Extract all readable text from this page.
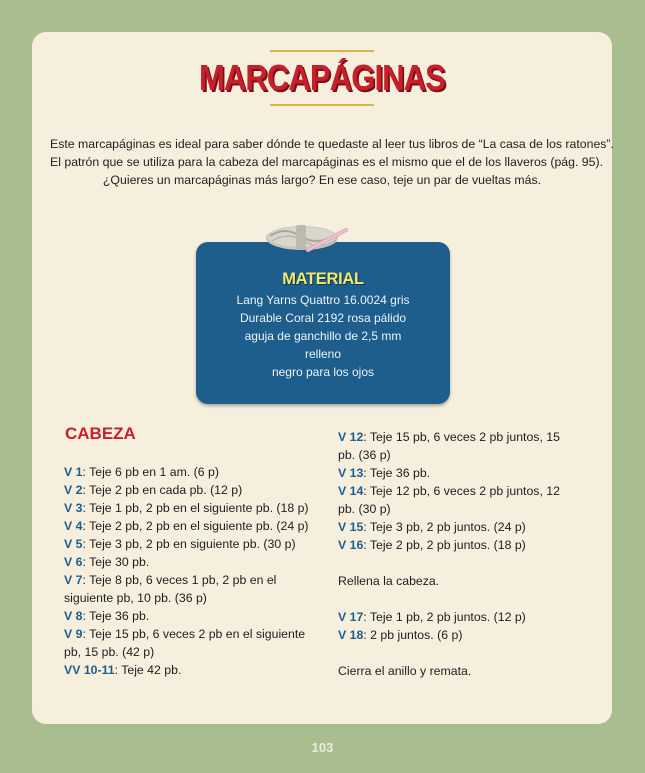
MARCAPÁGINAS

Este marcapáginas es ideal para saber dónde te quedaste al leer tus libros de “La casa de los ratones”.

El patrón que se utiliza para la cabeza del marcapáginas es el mismo que el de los llaveros (pág. 95).

¿Quieres un marcapáginas más largo? En ese caso, teje un par de vueltas más.

MATERIAL
Lang Yarns Quattro 16.0024 gris
Durable Coral 2192 rosa pálido
aguja de ganchillo de 2,5 mm
relleno
negro para los ojos
CABEZA

V 1: Teje 6 pb en 1 am. (6 p)

V 2: Teje 2 pb en cada pb. (12 p)

V 3: Teje 1 pb, 2 pb en el siguiente pb. (18 p)

V 4: Teje 2 pb, 2 pb en el siguiente pb. (24 p)

V 5: Teje 3 pb, 2 pb en siguiente pb. (30 p)

V 6: Teje 30 pb.

V 7: Teje 8 pb, 6 veces 1 pb, 2 pb en el siguiente pb, 10 pb. (36 p)

V 8: Teje 36 pb.

V 9: Teje 15 pb, 6 veces 2 pb en el siguiente pb, 15 pb. (42 p)

VV 10-11: Teje 42 pb.

V 12: Teje 15 pb, 6 veces 2 pb juntos, 15 pb. (36 p)

V 13: Teje 36 pb.

V 14: Teje 12 pb, 6 veces 2 pb juntos, 12 pb. (30 p)

V 15: Teje 3 pb, 2 pb juntos. (24 p)

V 16: Teje 2 pb, 2 pb juntos. (18 p)

Rellena la cabeza.

V 17: Teje 1 pb, 2 pb juntos. (12 p)

V 18: 2 pb juntos. (6 p)

Cierra el anillo y remata.

103
